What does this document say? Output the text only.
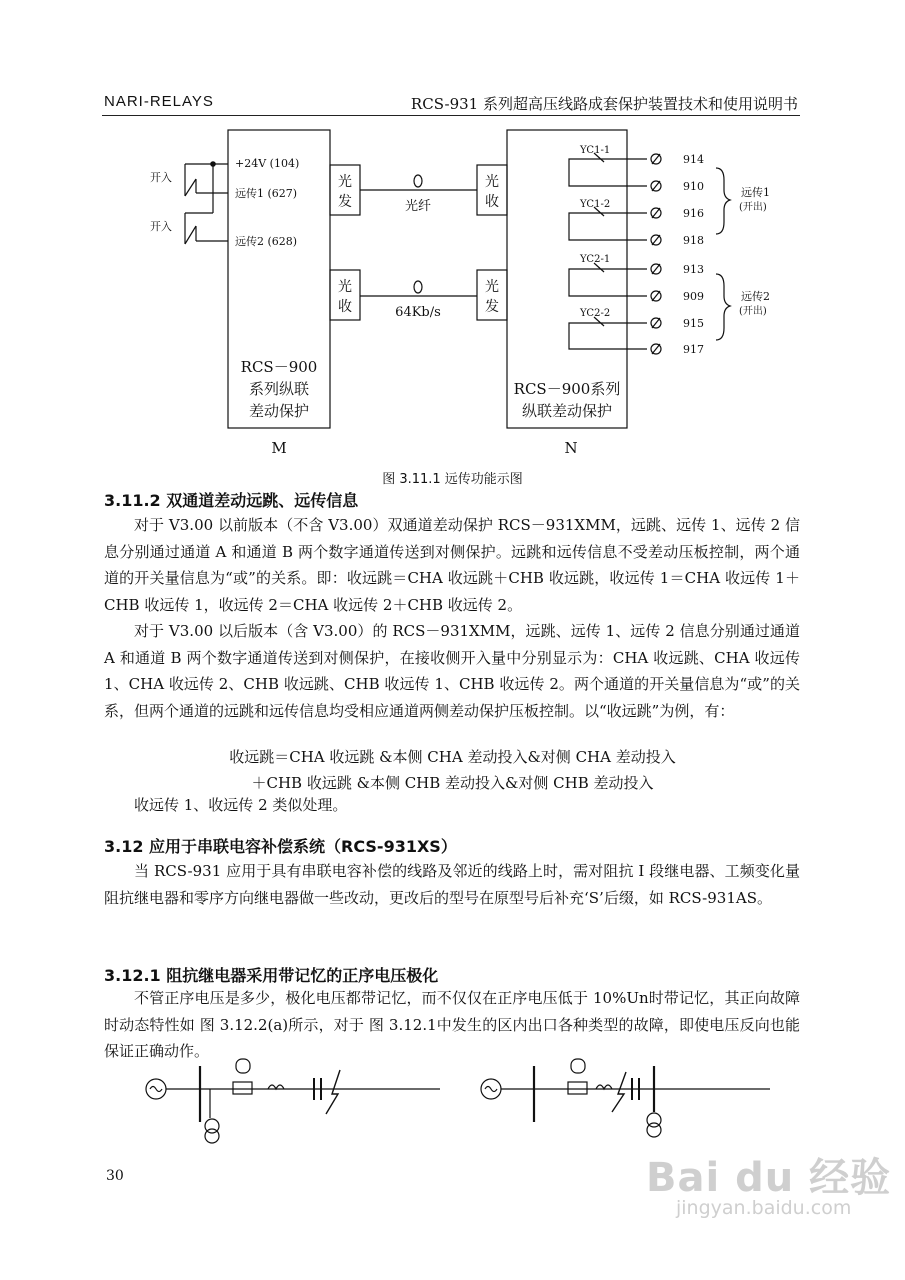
NARI-RELAYS	RCS-931 系列超高压线路成套保护装置技术和使用说明书
开入
开入
+24V (104)
远传1 (627)
远传2 (628)
光
发
光
收
光
收
光
发
光纤
64Kb/s
RCS－900
系列纵联
差动保护
RCS－900系列
纵联差动保护
M	N
YC1-1
YC1-2
YC2-1
YC2-2
914
910
916
918
913
909
915
917
远传1
(开出)
远传2
(开出)
图 3.11.1 远传功能示图
3.11.2 双通道差动远跳、远传信息
对于 V3.00 以前版本（不含 V3.00）双通道差动保护 RCS－931XMM，远跳、远传 1、远传 2 信息分别通过通道 A 和通道 B 两个数字通道传送到对侧保护。远跳和远传信息不受差动压板控制，两个通道的开关量信息为“或”的关系。即：收远跳＝CHA 收远跳＋CHB 收远跳，收远传 1＝CHA 收远传 1＋CHB 收远传 1，收远传 2＝CHA 收远传 2＋CHB 收远传 2。
对于 V3.00 以后版本（含 V3.00）的 RCS－931XMM，远跳、远传 1、远传 2 信息分别通过通道 A 和通道 B 两个数字通道传送到对侧保护，在接收侧开入量中分别显示为：CHA 收远跳、CHA 收远传 1、CHA 收远传 2、CHB 收远跳、CHB 收远传 1、CHB 收远传 2。两个通道的开关量信息为“或”的关系，但两个通道的远跳和远传信息均受相应通道两侧差动保护压板控制。以“收远跳”为例，有：
收远跳＝CHA 收远跳 &本侧 CHA 差动投入&对侧 CHA 差动投入
＋CHB 收远跳 &本侧 CHB 差动投入&对侧 CHB 差动投入
收远传 1、收远传 2 类似处理。
3.12 应用于串联电容补偿系统（RCS-931XS）
当 RCS-931 应用于具有串联电容补偿的线路及邻近的线路上时，需对阻抗 I 段继电器、工频变化量阻抗继电器和零序方向继电器做一些改动，更改后的型号在原型号后补充‘S’后缀，如 RCS-931AS。
3.12.1 阻抗继电器采用带记忆的正序电压极化
不管正序电压是多少，极化电压都带记忆，而不仅仅在正序电压低于 10%Un时带记忆，其正向故障时动态特性如 图 3.12.2(a)所示，对于 图 3.12.1中发生的区内出口各种类型的故障，即使电压反向也能保证正确动作。
30	Bai du 经验
jingyan.baidu.com
